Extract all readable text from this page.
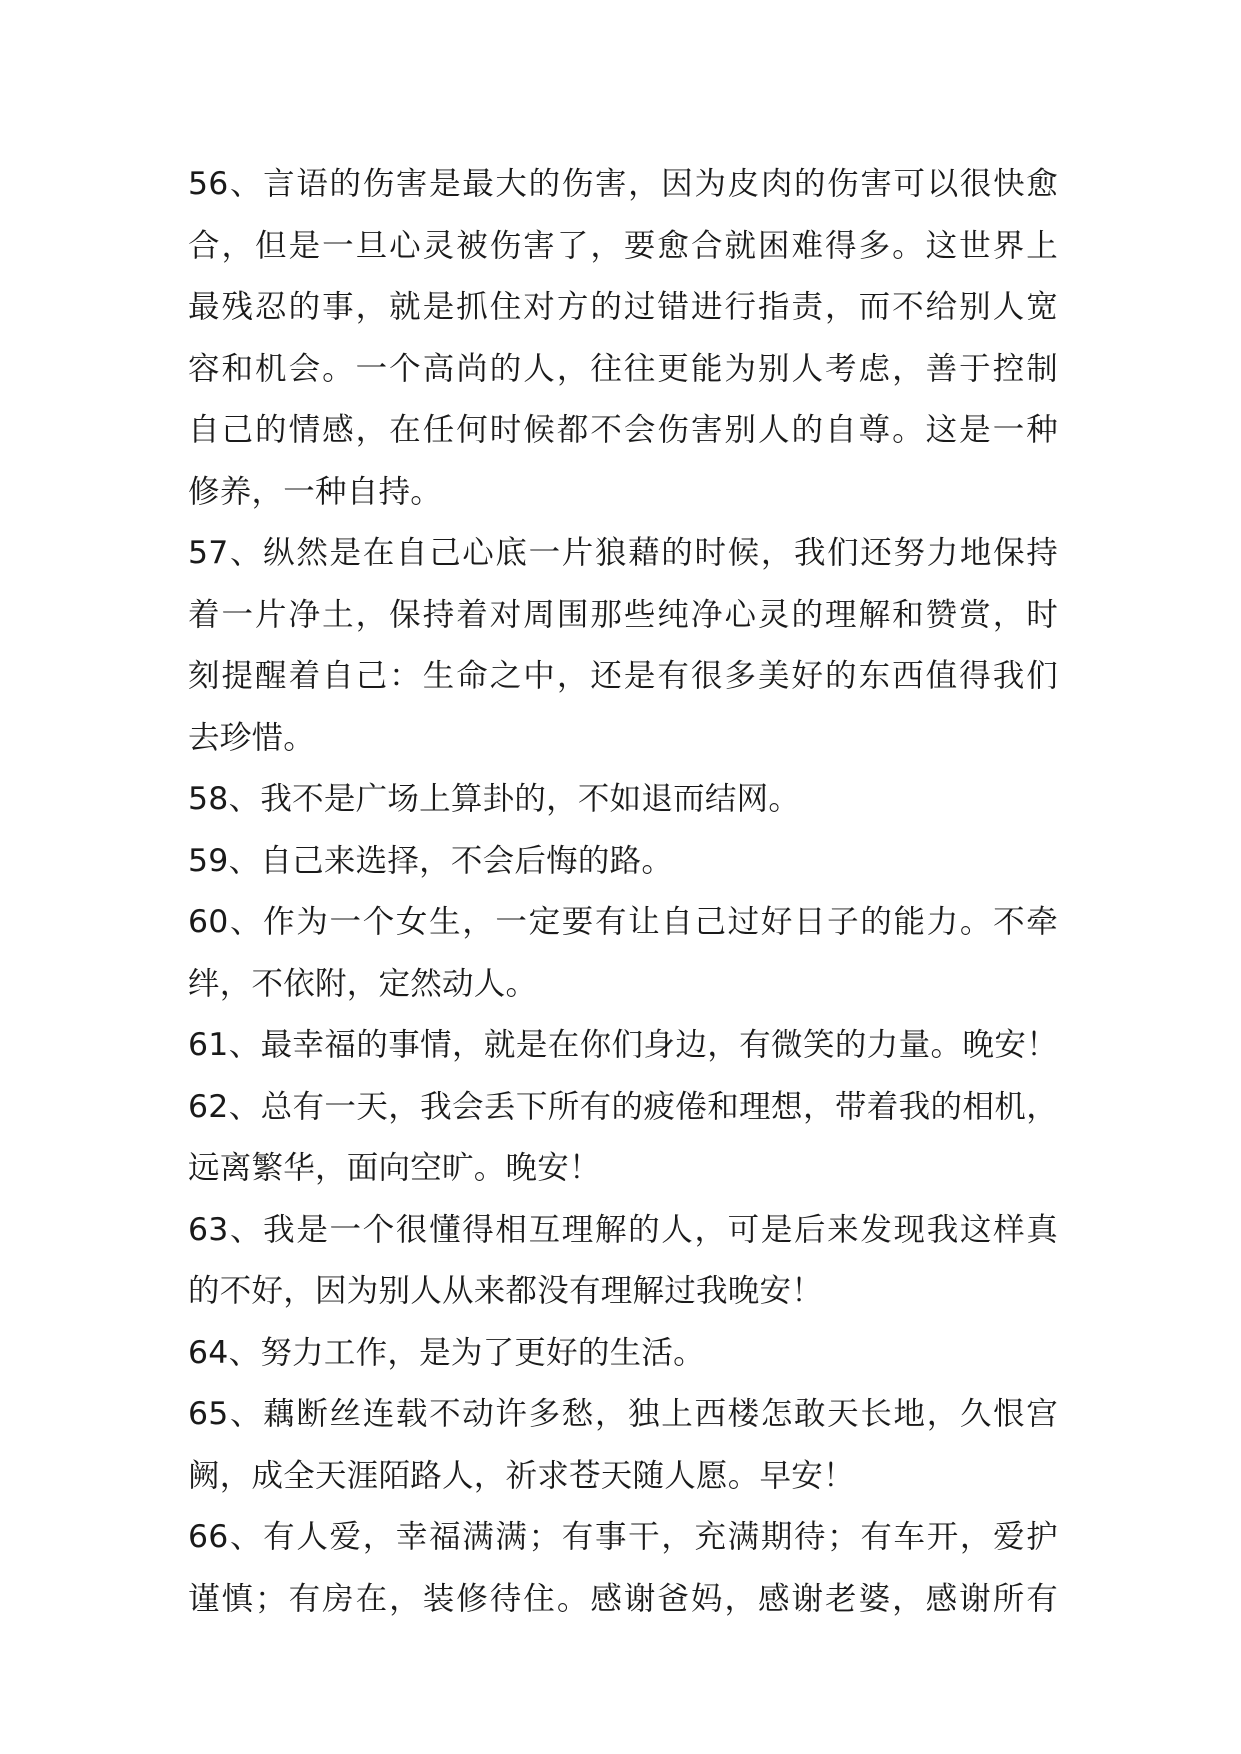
56、言语的伤害是最大的伤害，因为皮肉的伤害可以很快愈
合，但是一旦心灵被伤害了，要愈合就困难得多。这世界上
最残忍的事，就是抓住对方的过错进行指责，而不给别人宽
容和机会。一个高尚的人，往往更能为别人考虑，善于控制
自己的情感，在任何时候都不会伤害别人的自尊。这是一种
修养，一种自持。
57、纵然是在自己心底一片狼藉的时候，我们还努力地保持
着一片净土，保持着对周围那些纯净心灵的理解和赞赏，时
刻提醒着自己：生命之中，还是有很多美好的东西值得我们
去珍惜。
58、我不是广场上算卦的，不如退而结网。
59、自己来选择，不会后悔的路。
60、作为一个女生，一定要有让自己过好日子的能力。不牵
绊，不依附，定然动人。
61、最幸福的事情，就是在你们身边，有微笑的力量。晚安！
62、总有一天，我会丢下所有的疲倦和理想，带着我的相机，
远离繁华，面向空旷。晚安！
63、我是一个很懂得相互理解的人，可是后来发现我这样真
的不好，因为别人从来都没有理解过我晚安！
64、努力工作，是为了更好的生活。
65、藕断丝连载不动许多愁，独上西楼怎敢天长地，久恨宫
阙，成全天涯陌路人，祈求苍天随人愿。早安！
66、有人爱，幸福满满；有事干，充满期待；有车开，爱护
谨慎；有房在，装修待住。感谢爸妈，感谢老婆，感谢所有
